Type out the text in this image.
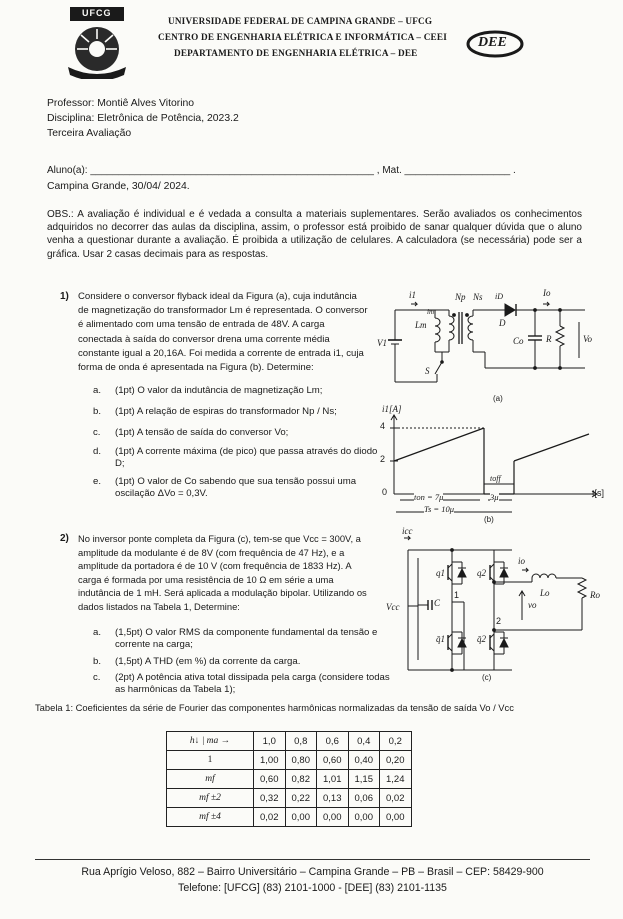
UFCG
UNIVERSIDADE FEDERAL DE CAMPINA GRANDE – UFCG
CENTRO DE ENGENHARIA ELÉTRICA E INFORMÁTICA – CEEI
DEPARTAMENTO DE ENGENHARIA ELÉTRICA – DEE
DEE
Professor: Montiê Alves Vitorino
Disciplina: Eletrônica de Potência, 2023.2
Terceira Avaliação
Aluno(a): ___________________________________________________ , Mat. ___________________ .
Campina Grande, 30/04/ 2024.
OBS.: A avaliação é individual e é vedada a consulta a materiais suplementares. Serão avaliados os conhecimentos adquiridos no decorrer das aulas da disciplina, assim, o professor está proibido de sanar qualquer dúvida que o aluno venha a questionar durante a avaliação. É proibida a utilização de celulares. A calculadora (se necessária) pode ser a gráfica. Usar 2 casas decimais para as respostas.
1) Considere o conversor flyback ideal da Figura (a), cuja indutância de magnetização do transformador Lm é representada. O conversor é alimentado com uma tensão de entrada de 48V. A carga conectada à saída do conversor drena uma corrente média constante igual a 20,16A. Foi medida a corrente de entrada i1, cuja forma de onda é apresentada na Figura (b). Determine:
a. (1pt) O valor da indutância de magnetização Lm;
b. (1pt) A relação de espiras do transformador Np / Ns;
c. (1pt) A tensão de saída do conversor Vo;
d. (1pt) A corrente máxima (de pico) que passa através do diodo D;
e. (1pt) O valor de Co sabendo que sua tensão possui uma oscilação ΔVo = 0,3V.
i1	Np Ns iD	Io
im
Lm	D
V1	Co R	Vo
S
(a)
i1[A]
4
2
0	t[s]
toff
ton = 7μ	3μ
Ts = 10μ
(b)
2) No inversor ponte completa da Figura (c), tem-se que Vcc = 300V, a amplitude da modulante é de 8V (com frequência de 47 Hz), e a amplitude da portadora é de 10 V (com frequência de 1833 Hz). A carga é formada por uma resistência de 10 Ω em série a uma indutância de 1 mH. Será aplicada a modulação bipolar. Utilizando os dados listados na Tabela 1, Determine:
a. (1,5pt) O valor RMS da componente fundamental da tensão e corrente na carga;
b. (1,5pt) A THD (em %) da corrente da carga.
c. (2pt) A potência ativa total dissipada pela carga (considere todas as harmônicas da Tabela 1);
icc
Vcc	C
q1	q2
q̄1	q̄2
1
2
io
vo
Lo	Ro
(c)
Tabela 1: Coeficientes da série de Fourier das componentes harmônicas normalizadas da tensão de saída Vo / Vcc
h↓ | ma →	1,0	0,8	0,6	0,4	0,2
1	1,00	0,80	0,60	0,40	0,20
mf	0,60	0,82	1,01	1,15	1,24
mf ±2	0,32	0,22	0,13	0,06	0,02
mf ±4	0,02	0,00	0,00	0,00	0,00
Rua Aprígio Veloso, 882 – Bairro Universitário – Campina Grande – PB – Brasil – CEP: 58429-900
Telefone: [UFCG] (83) 2101-1000 - [DEE] (83) 2101-1135
